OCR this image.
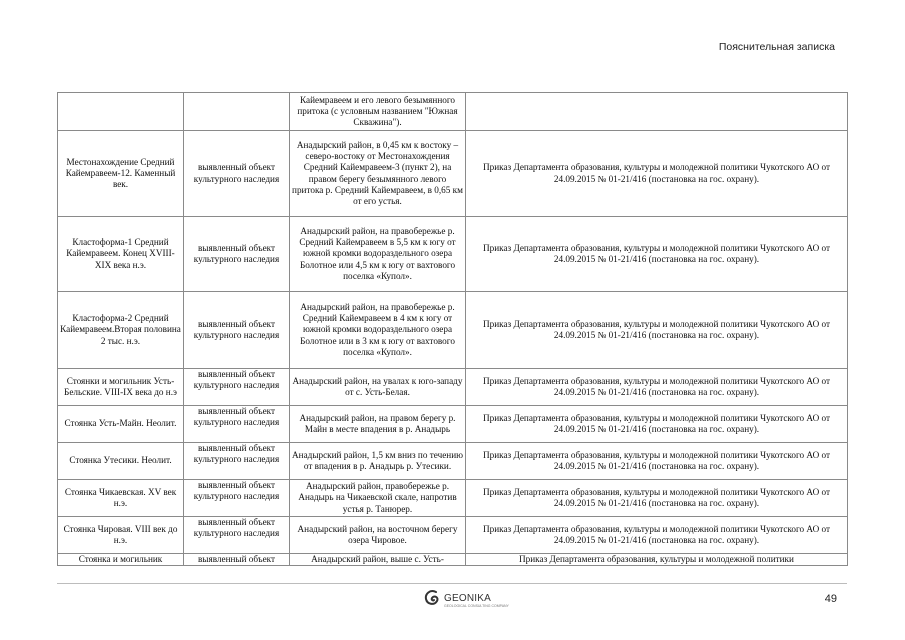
Пояснительная записка
		Кайемравеем и его левого безымянного притока (с условным названием "Южная Скважина").	
Местонахождение Средний Кайемравеем-12. Каменный век.	выявленный объект культурного наследия	Анадырский район, в 0,45 км к востоку –северо-востоку от Местонахождения Средний Кайемравеем-3 (пункт 2), на правом берегу безымянного левого притока р. Средний Кайемравеем, в 0,65 км от его устья.	Приказ Департамента образования, культуры и молодежной политики Чукотского АО от 24.09.2015 № 01-21/416 (постановка на гос. охрану).
Кластоформа-1 Средний Кайемравеем. Конец XVIII-XIX века н.э.	выявленный объект культурного наследия	Анадырский район, на правобережье р. Средний Кайемравеем в 5,5 км к югу от южной кромки водораздельного озера Болотное или 4,5 км к югу от вахтового поселка «Купол».	Приказ Департамента образования, культуры и молодежной политики Чукотского АО от 24.09.2015 № 01-21/416 (постановка на гос. охрану).
Кластоформа-2 Средний Кайемравеем.Вторая половина 2 тыс. н.э.	выявленный объект культурного наследия	Анадырский район, на правобережье р. Средний Кайемравеем в 4 км к югу от южной кромки водораздельного озера Болотное или в 3 км к югу от вахтового поселка «Купол».	Приказ Департамента образования, культуры и молодежной политики Чукотского АО от 24.09.2015 № 01-21/416 (постановка на гос. охрану).
Стоянки и могильник Усть-Бельские. VIII-IX века до н.э	выявленный объект культурного наследия	Анадырский район, на увалах к юго-западу от с. Усть-Белая.	Приказ Департамента образования, культуры и молодежной политики Чукотского АО от 24.09.2015 № 01-21/416 (постановка на гос. охрану).
Стоянка Усть-Майн. Неолит.	выявленный объект культурного наследия	Анадырский район, на правом берегу р. Майн в месте впадения в р. Анадырь	Приказ Департамента образования, культуры и молодежной политики Чукотского АО от 24.09.2015 № 01-21/416 (постановка на гос. охрану).
Стоянка Утесики. Неолит.	выявленный объект культурного наследия	Анадырский район, 1,5 км вниз по течению от впадения в р. Анадырь р. Утесики.	Приказ Департамента образования, культуры и молодежной политики Чукотского АО от 24.09.2015 № 01-21/416 (постановка на гос. охрану).
Стоянка Чикаевская. XV век н.э.	выявленный объект культурного наследия	Анадырский район, правобережье р. Анадырь на Чикаевской скале, напротив устья р. Танюрер.	Приказ Департамента образования, культуры и молодежной политики Чукотского АО от 24.09.2015 № 01-21/416 (постановка на гос. охрану).
Стоянка Чировая. VIII век до н.э.	выявленный объект культурного наследия	Анадырский район, на восточном берегу озера Чировое.	Приказ Департамента образования, культуры и молодежной политики Чукотского АО от 24.09.2015 № 01-21/416 (постановка на гос. охрану).
Стоянка и могильник	выявленный объект	Анадырский район, выше с. Усть-	Приказ Департамента образования, культуры и молодежной политики
GEONIKA
GEOLOGICAL CONSULTING COMPANY
49
